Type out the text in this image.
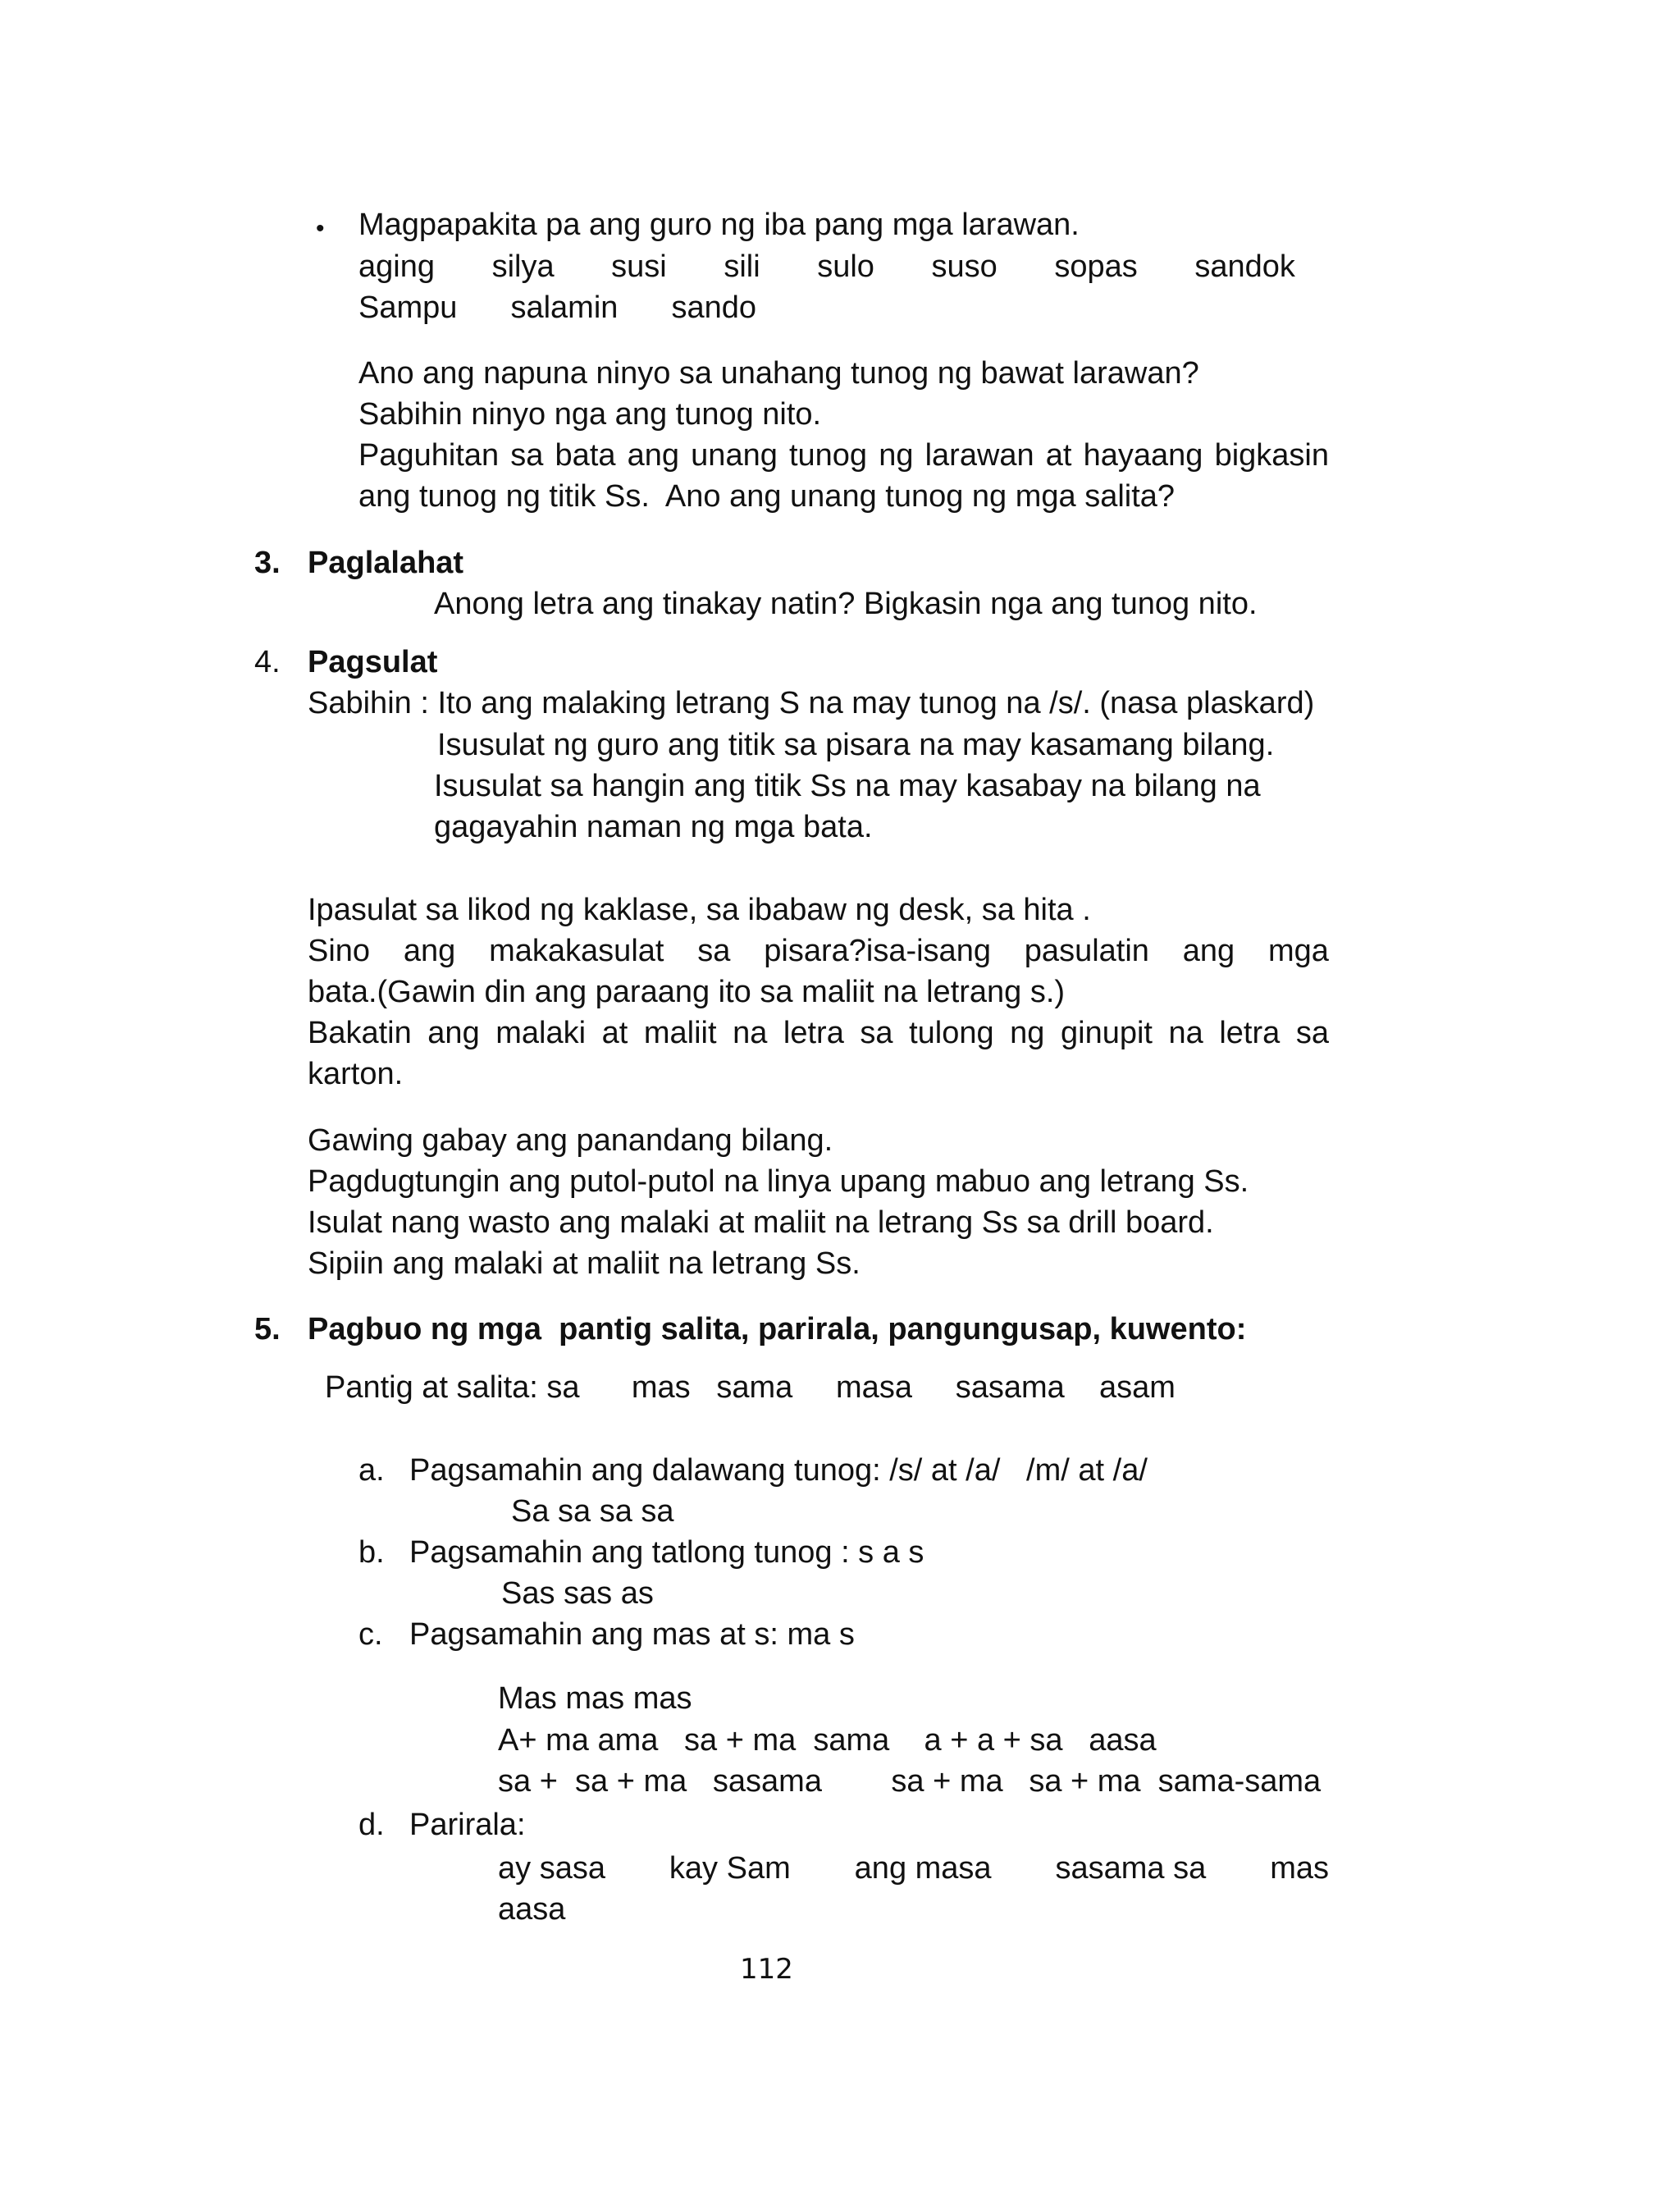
• Magpapakita pa ang guro ng iba pang mga larawan.
aging silya susi sili sulo suso sopas sandok
Sampu salamin sando
Ano ang napuna ninyo sa unahang tunog ng bawat larawan?
Sabihin ninyo nga ang tunog nito.
Paguhitan sa bata ang unang tunog ng larawan at hayaang bigkasin
ang tunog ng titik Ss.  Ano ang unang tunog ng mga salita?
3. Paglalahat
Anong letra ang tinakay natin? Bigkasin nga ang tunog nito.
4. Pagsulat
Sabihin : Ito ang malaking letrang S na may tunog na /s/. (nasa plaskard)
Isusulat ng guro ang titik sa pisara na may kasamang bilang.
Isusulat sa hangin ang titik Ss na may kasabay na bilang na
gagayahin naman ng mga bata.
Ipasulat sa likod ng kaklase, sa ibabaw ng desk, sa hita .
Sino ang makakasulat sa pisara?isa-isang pasulatin ang mga
bata.(Gawin din ang paraang ito sa maliit na letrang s.)
Bakatin ang malaki at maliit na letra sa tulong ng ginupit na letra sa
karton.
Gawing gabay ang panandang bilang.
Pagdugtungin ang putol-putol na linya upang mabuo ang letrang Ss.
Isulat nang wasto ang malaki at maliit na letrang Ss sa drill board.
Sipiin ang malaki at maliit na letrang Ss.
5. Pagbuo ng mga  pantig salita, parirala, pangungusap, kuwento:
Pantig at salita: sa      mas   sama     masa     sasama    asam
a. Pagsamahin ang dalawang tunog: /s/ at /a/   /m/ at /a/
Sa sa sa sa
b. Pagsamahin ang tatlong tunog : s a s
Sas sas as
c. Pagsamahin ang mas at s: ma s
Mas mas mas
A+ ma ama   sa + ma  sama    a + a + sa   aasa
sa +  sa + ma   sasama        sa + ma   sa + ma  sama-sama
d. Parirala:
ay sasa kay Sam ang masa sasama sa mas
aasa
112
